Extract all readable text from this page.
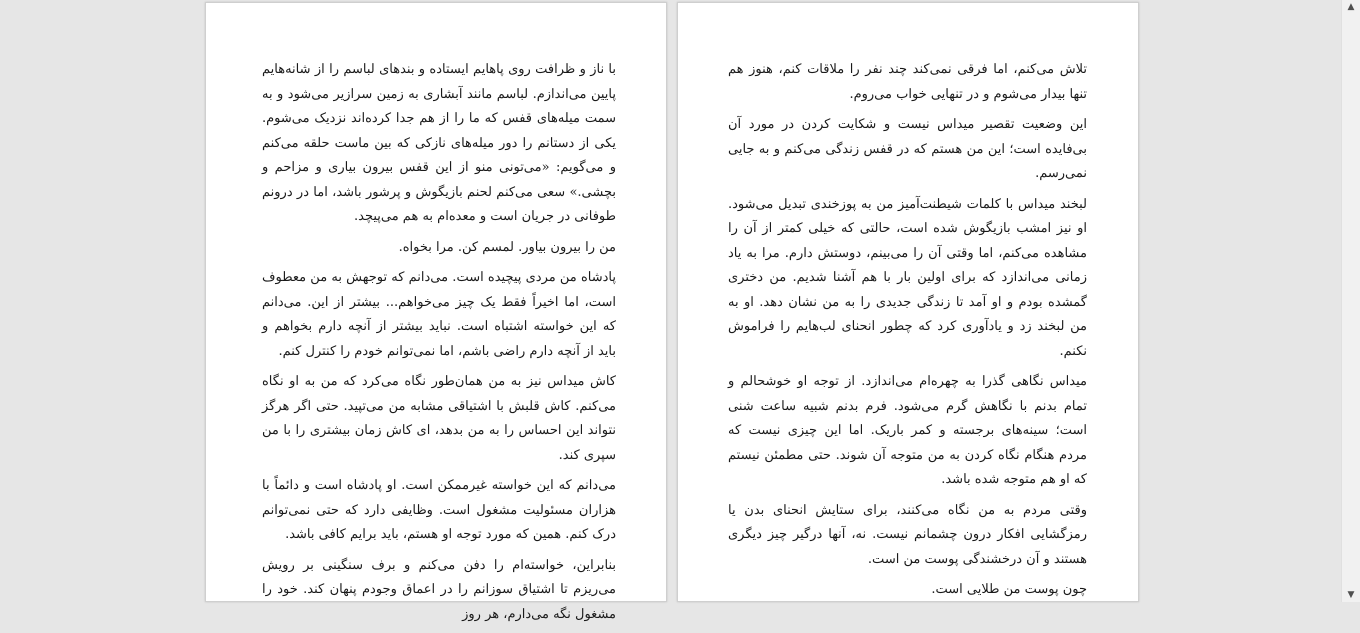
با ناز و ظرافت روی پاهایم ایستاده و بندهای لباسم را از شانه‌هایم پایین می‌اندازم. لباسم مانند آبشاری به زمین سرازیر می‌شود و به سمت میله‌های قفس که ما را از هم جدا کرده‌اند نزدیک می‌شوم. یکی از دستانم را دور میله‌های نازکی که بین ماست حلقه می‌کنم و می‌گویم: «می‌تونی منو از این قفس بیرون بیاری و مزاحم و بچشی.» سعی می‌کنم لحنم بازیگوش و پرشور باشد، اما در درونم طوفانی در جریان است و معده‌ام به هم می‌پیچد.

من را بیرون بیاور. لمسم کن. مرا بخواه.

پادشاه من مردی پیچیده است. می‌دانم که توجهش به من معطوف است، اما اخیراً فقط یک چیز می‌خواهم... بیشتر از این. می‌دانم که این خواسته اشتباه است. نباید بیشتر از آنچه دارم بخواهم و باید از آنچه دارم راضی باشم، اما نمی‌توانم خودم را کنترل کنم.

کاش میداس نیز به من همان‌طور نگاه می‌کرد که من به او نگاه می‌کنم. کاش قلبش با اشتیاقی مشابه من می‌تپید. حتی اگر هرگز نتواند این احساس را به من بدهد، ای کاش زمان بیشتری را با من سپری کند.

می‌دانم که این خواسته غیرممکن است. او پادشاه است و دائماً با هزاران مسئولیت مشغول است. وظایفی دارد که حتی نمی‌توانم درک کنم. همین که مورد توجه او هستم، باید برایم کافی باشد.

بنابراین، خواسته‌ام را دفن می‌کنم و برف سنگینی بر رویش می‌ریزم تا اشتیاق سوزانم را در اعماق وجودم پنهان کند. خود را مشغول نگه می‌دارم، هر روز

تلاش می‌کنم، اما فرقی نمی‌کند چند نفر را ملاقات کنم، هنوز هم تنها بیدار می‌شوم و در تنهایی خواب می‌روم.

این وضعیت تقصیر میداس نیست و شکایت کردن در مورد آن بی‌فایده است؛ این من هستم که در قفس زندگی می‌کنم و به جایی نمی‌رسم.

لبخند میداس با کلمات شیطنت‌آمیز من به پوزخندی تبدیل می‌شود. او نیز امشب بازیگوش شده است، حالتی که خیلی کمتر از آن را مشاهده می‌کنم، اما وقتی آن را می‌بینم، دوستش دارم. مرا به یاد زمانی می‌اندازد که برای اولین بار با هم آشنا شدیم. من دختری گمشده بودم و او آمد تا زندگی جدیدی را به من نشان دهد. او به من لبخند زد و یادآوری کرد که چطور انحنای لب‌هایم را فراموش نکنم.

میداس نگاهی گذرا به چهره‌ام می‌اندازد. از توجه او خوشحالم و تمام بدنم با نگاهش گرم می‌شود. فرم بدنم شبیه ساعت شنی است؛ سینه‌های برجسته و کمر باریک. اما این چیزی نیست که مردم هنگام نگاه کردن به من متوجه آن شوند. حتی مطمئن نیستم که او هم متوجه شده باشد.

وقتی مردم به من نگاه می‌کنند، برای ستایش انحنای بدن یا رمزگشایی افکار درون چشمانم نیست. نه، آنها درگیر چیز دیگری هستند و آن درخشندگی پوست من است.

چون پوست من طلایی است.

▲
▼
